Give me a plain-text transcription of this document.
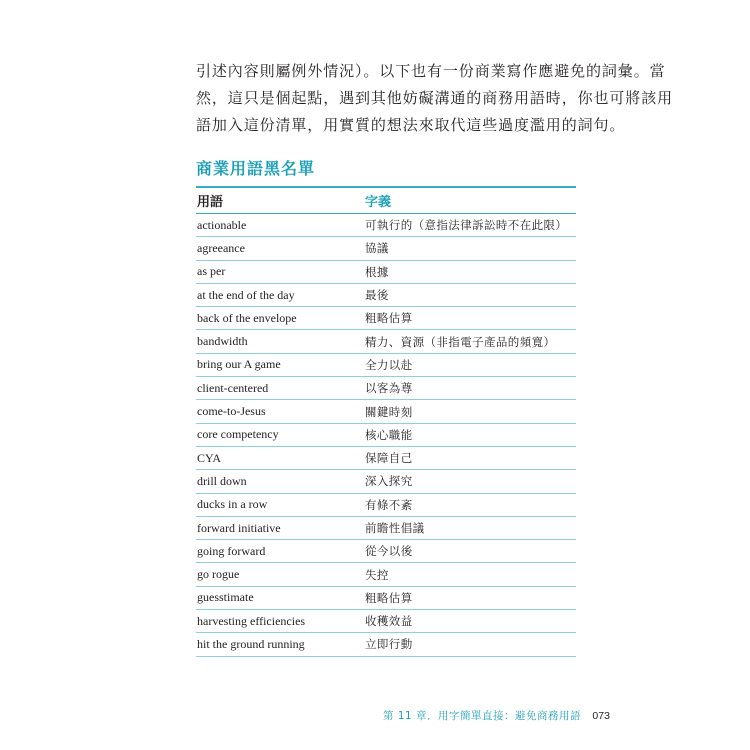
引述內容則屬例外情況）。以下也有一份商業寫作應避免的詞彙。當
然，這只是個起點，遇到其他妨礙溝通的商務用語時，你也可將該用
語加入這份清單，用實質的想法來取代這些過度濫用的詞句。
商業用語黑名單
用語	字義
actionable	可執行的（意指法律訴訟時不在此限）
agreeance	協議
as per	根據
at the end of the day	最後
back of the envelope	粗略估算
bandwidth	精力、資源（非指電子產品的頻寬）
bring our A game	全力以赴
client-centered	以客為尊
come-to-Jesus	關鍵時刻
core competency	核心職能
CYA	保障自己
drill down	深入探究
ducks in a row	有條不紊
forward initiative	前瞻性倡議
going forward	從今以後
go rogue	失控
guesstimate	粗略估算
harvesting efficiencies	收穫效益
hit the ground running	立即行動
第 11 章．用字簡單直接：避免商務用語 073
